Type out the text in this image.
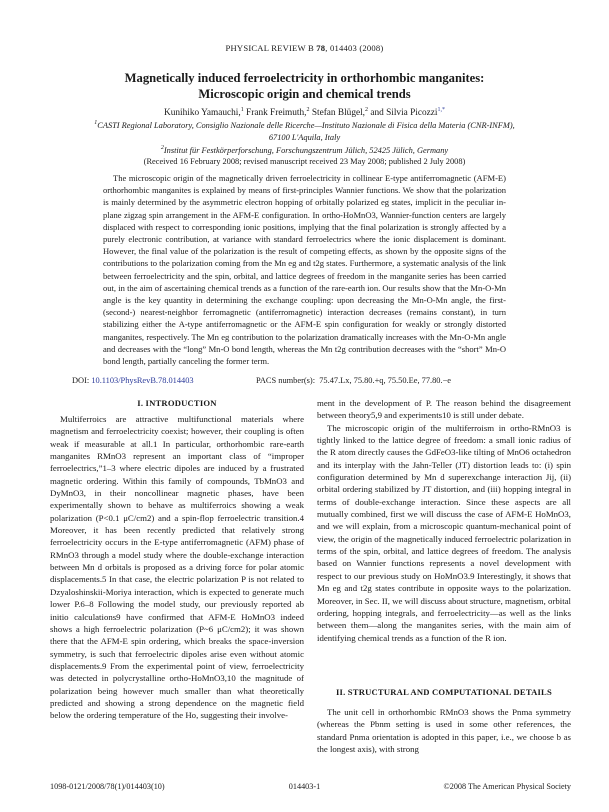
PHYSICAL REVIEW B 78, 014403 (2008)
Magnetically induced ferroelectricity in orthorhombic manganites:
Microscopic origin and chemical trends
Kunihiko Yamauchi,$^1$ Frank Freimuth,$^2$ Stefan Blügel,$^2$ and Silvia Picozzi$^{1,*}$
$^1$CASTI Regional Laboratory, Consiglio Nazionale delle Ricerche—Instituto Nazionale di Fisica della Materia (CNR-INFM),
67100 L'Aquila, Italy
$^2$Institut für Festkörperforschung, Forschungszentrum Jülich, 52425 Jülich, Germany
(Received 16 February 2008; revised manuscript received 23 May 2008; published 2 July 2008)

The microscopic origin of the magnetically driven ferroelectricity in collinear E-type antiferromagnetic (AFM-E) orthorhombic manganites is explained by means of first-principles Wannier functions. We show that the polarization is mainly determined by the asymmetric electron hopping of orbitally polarized eg states, implicit in the peculiar in-plane zigzag spin arrangement in the AFM-E configuration. In ortho-HoMnO3, Wannier-function centers are largely displaced with respect to corresponding ionic positions, implying that the final polarization is strongly affected by a purely electronic contribution, at variance with standard ferroelectrics where the ionic displacement is dominant. However, the final value of the polarization is the result of competing effects, as shown by the opposite signs of the contributions to the polarization coming from the Mn eg and t2g states. Furthermore, a systematic analysis of the link between ferroelectricity and the spin, orbital, and lattice degrees of freedom in the manganite series has been carried out, in the aim of ascertaining chemical trends as a function of the rare-earth ion. Our results show that the Mn-O-Mn angle is the key quantity in determining the exchange coupling: upon decreasing the Mn-O-Mn angle, the first- (second-) nearest-neighbor ferromagnetic (antiferromagnetic) interaction decreases (remains constant), in turn stabilizing either the A-type antiferromagnetic or the AFM-E spin configuration for weakly or strongly distorted manganites, respectively. The Mn eg contribution to the polarization dramatically increases with the Mn-O-Mn angle and decreases with the “long” Mn-O bond length, whereas the Mn t2g contribution decreases with the “short” Mn-O bond length, partially canceling the former term.

DOI: 10.1103/PhysRevB.78.014403	PACS number(s): 75.47.Lx, 75.80.+q, 75.50.Ee, 77.80.−e
I. INTRODUCTION

Multiferroics are attractive multifunctional materials where magnetism and ferroelectricity coexist; however, their coupling is often weak if measurable at all.1 In particular, orthorhombic rare-earth manganites RMnO3 represent an important class of “improper ferroelectrics,”1–3 where electric dipoles are induced by a frustrated magnetic ordering. Within this family of compounds, TbMnO3 and DyMnO3, in their noncollinear magnetic phases, have been experimentally shown to behave as multiferroics showing a weak polarization (P<0.1 μC/cm2) and a spin-flop ferroelectric transition.4 Moreover, it has been recently predicted that relatively strong ferroelectricity occurs in the E-type antiferromagnetic (AFM) phase of RMnO3 through a model study where the double-exchange interaction between Mn d orbitals is proposed as a driving force for polar atomic displacements.5 In that case, the electric polarization P is not related to Dzyaloshinskii-Moriya interaction, which is expected to generate much lower P.6–8 Following the model study, our previously reported ab initio calculations9 have confirmed that AFM-E HoMnO3 indeed shows a high ferroelectric polarization (P~6 μC/cm2); it was shown there that the AFM-E spin ordering, which breaks the space-inversion symmetry, is such that ferroelectric dipoles arise even without atomic displacements.9 From the experimental point of view, ferroelectricity was detected in polycrystalline ortho-HoMnO3,10 the magnitude of polarization being however much smaller than what theoretically predicted and showing a strong dependence on the magnetic field below the ordering temperature of the Ho, suggesting their involve-

ment in the development of P. The reason behind the disagreement between theory5,9 and experiments10 is still under debate.

The microscopic origin of the multiferroism in ortho-RMnO3 is tightly linked to the lattice degree of freedom: a small ionic radius of the R atom directly causes the GdFeO3-like tilting of MnO6 octahedron and its interplay with the Jahn-Teller (JT) distortion leads to: (i) spin configuration determined by Mn d superexchange interaction Jij, (ii) orbital ordering stabilized by JT distortion, and (iii) hopping integral in terms of double-exchange interaction. Since these aspects are all mutually combined, first we will discuss the case of AFM-E HoMnO3, and we will explain, from a microscopic quantum-mechanical point of view, the origin of the magnetically induced ferroelectric polarization in terms of the spin, orbital, and lattice degrees of freedom. The analysis based on Wannier functions represents a novel development with respect to our previous study on HoMnO3.9 Interestingly, it shows that Mn eg and t2g states contribute in opposite ways to the polarization. Moreover, in Sec. II, we will discuss about structure, magnetism, orbital ordering, hopping integrals, and ferroelectricity—as well as the links between them—along the manganites series, with the main aim of identifying chemical trends as a function of the R ion.

II. STRUCTURAL AND COMPUTATIONAL DETAILS

The unit cell in orthorhombic RMnO3 shows the Pnma symmetry (whereas the Pbnm setting is used in some other references, the standard Pnma orientation is adopted in this paper, i.e., we choose b as the longest axis), with strong

1098-0121/2008/78(1)/014403(10)	014403-1	©2008 The American Physical Society
